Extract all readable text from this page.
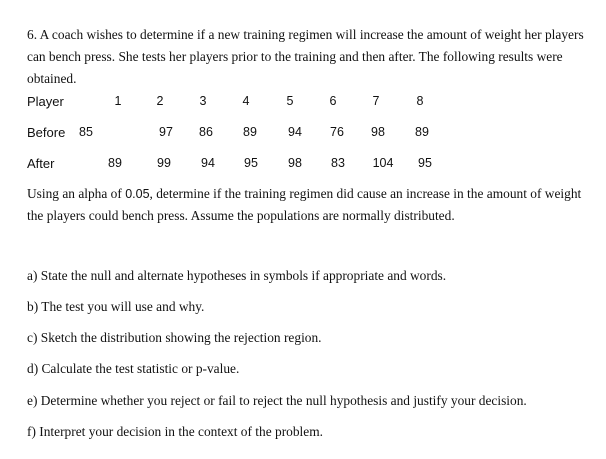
6. A coach wishes to determine if a new training regimen will increase the amount of weight her players can bench press. She tests her players prior to the training and then after. The following results were obtained.

Player	1	2	3	4	5	6	7	8
Before	85	97	86	89	94	76	98	89
After	89	99	94	95	98	83	104	95

Using an alpha of 0.05, determine if the training regimen did cause an increase in the amount of weight the players could bench press. Assume the populations are normally distributed.

a) State the null and alternate hypotheses in symbols if appropriate and words.
b) The test you will use and why.
c) Sketch the distribution showing the rejection region.
d) Calculate the test statistic or p-value.
e) Determine whether you reject or fail to reject the null hypothesis and justify your decision.
f) Interpret your decision in the context of the problem.
